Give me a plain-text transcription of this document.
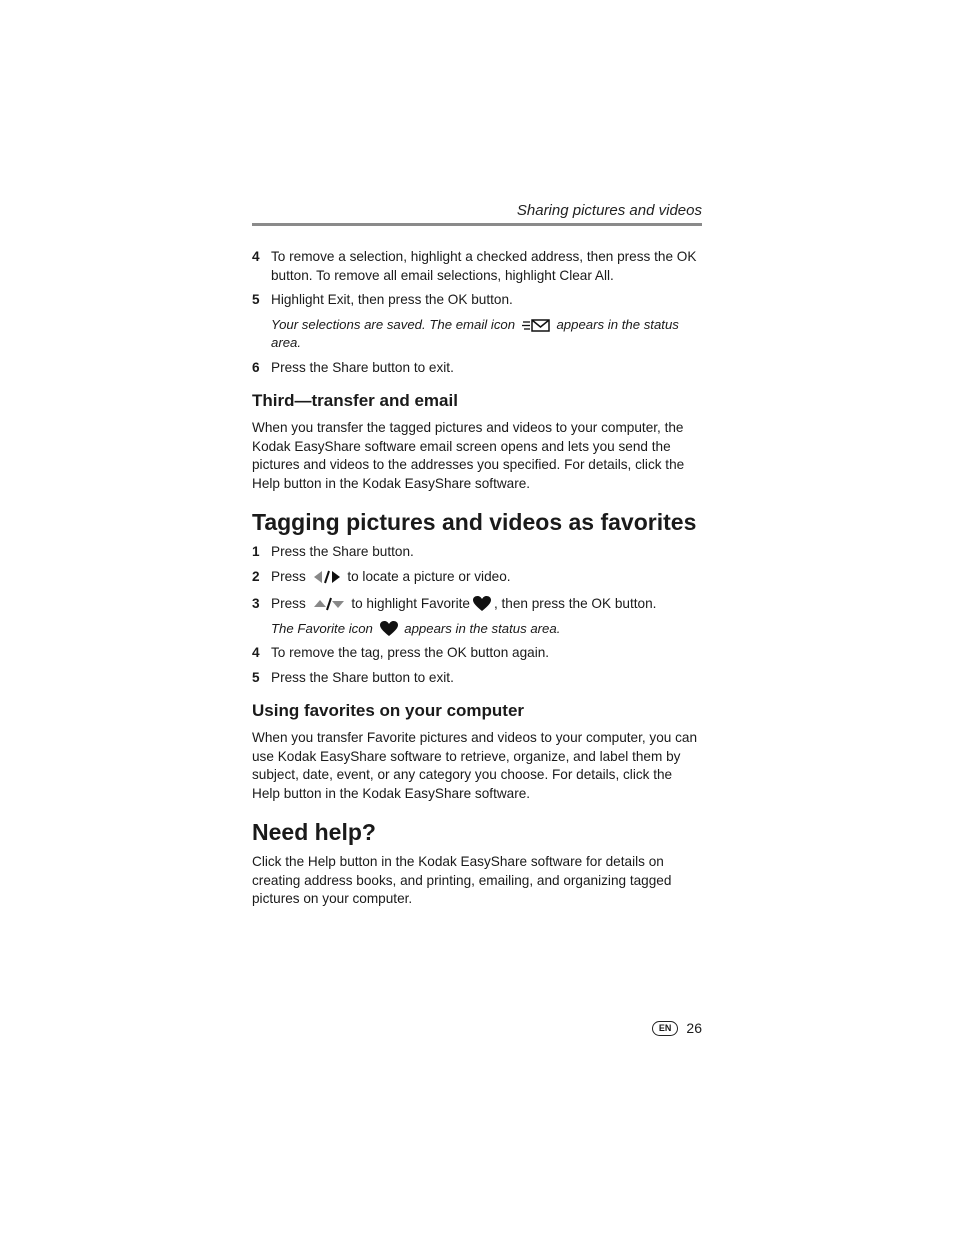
Sharing pictures and videos
4 To remove a selection, highlight a checked address, then press the OK button. To remove all email selections, highlight Clear All.
5 Highlight Exit, then press the OK button.
Your selections are saved. The email icon	appears in the status area.
6 Press the Share button to exit.
Third—transfer and email

When you transfer the tagged pictures and videos to your computer, the Kodak EasyShare software email screen opens and lets you send the pictures and videos to the addresses you specified. For details, click the Help button in the Kodak EasyShare software.

Tagging pictures and videos as favorites
1 Press the Share button.
2 Press	to locate a picture or video.
3 Press	to highlight Favorite , then press the OK button.
The Favorite icon appears in the status area.
4 To remove the tag, press the OK button again.
5 Press the Share button to exit.
Using favorites on your computer

When you transfer Favorite pictures and videos to your computer, you can use Kodak EasyShare software to retrieve, organize, and label them by subject, date, event, or any category you choose. For details, click the Help button in the Kodak EasyShare software.

Need help?

Click the Help button in the Kodak EasyShare software for details on creating address books, and printing, emailing, and organizing tagged pictures on your computer.

EN 26
